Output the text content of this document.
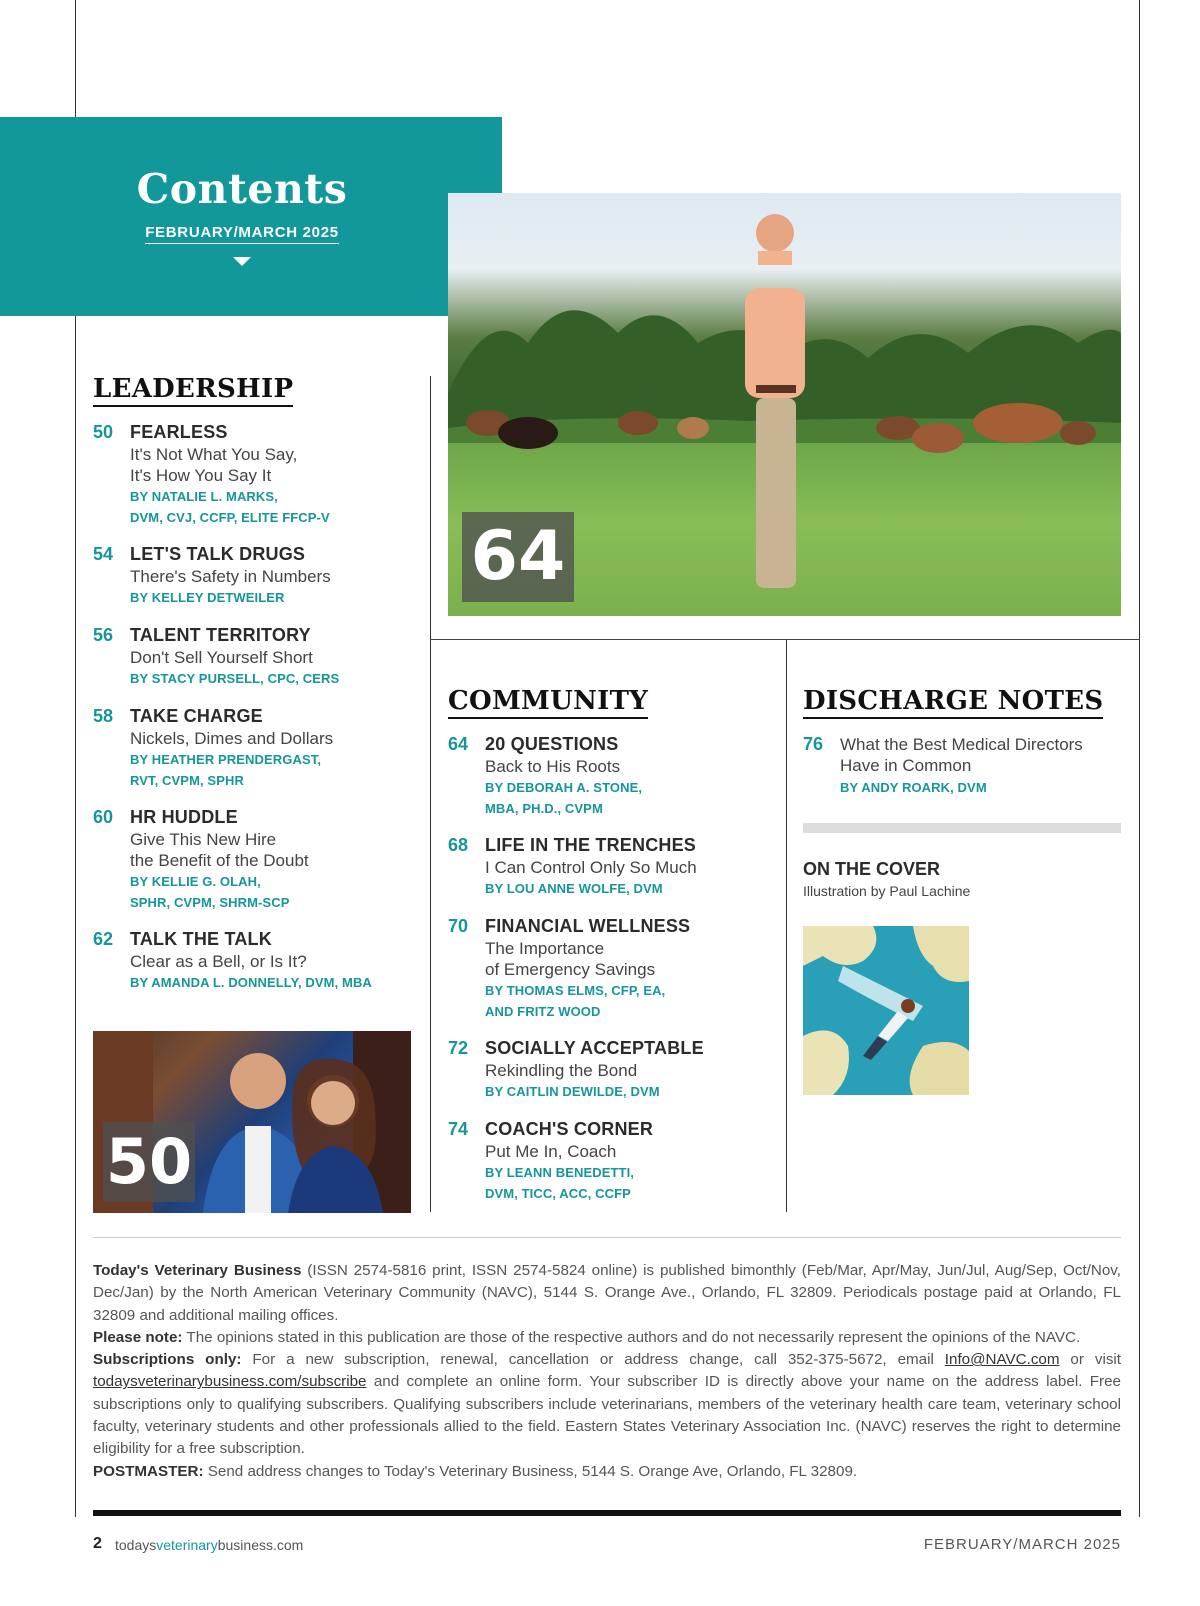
Contents
FEBRUARY/MARCH 2025
64
LEADERSHIP
50 FEARLESS
It's Not What You Say,
It's How You Say It
BY NATALIE L. MARKS,
DVM, CVJ, CCFP, ELITE FFCP-V
54 LET'S TALK DRUGS
There's Safety in Numbers
BY KELLEY DETWEILER
56 TALENT TERRITORY
Don't Sell Yourself Short
BY STACY PURSELL, CPC, CERS
58 TAKE CHARGE
Nickels, Dimes and Dollars
BY HEATHER PRENDERGAST,
RVT, CVPM, SPHR
60 HR HUDDLE
Give This New Hire
the Benefit of the Doubt
BY KELLIE G. OLAH,
SPHR, CVPM, SHRM-SCP
62 TALK THE TALK
Clear as a Bell, or Is It?
BY AMANDA L. DONNELLY, DVM, MBA
50
COMMUNITY
64 20 QUESTIONS
Back to His Roots
BY DEBORAH A. STONE,
MBA, PH.D., CVPM
68 LIFE IN THE TRENCHES
I Can Control Only So Much
BY LOU ANNE WOLFE, DVM
70 FINANCIAL WELLNESS
The Importance
of Emergency Savings
BY THOMAS ELMS, CFP, EA,
AND FRITZ WOOD
72 SOCIALLY ACCEPTABLE
Rekindling the Bond
BY CAITLIN DEWILDE, DVM
74 COACH'S CORNER
Put Me In, Coach
BY LEANN BENEDETTI,
DVM, TICC, ACC, CCFP
DISCHARGE NOTES
76 What the Best Medical Directors
Have in Common
BY ANDY ROARK, DVM
ON THE COVER
Illustration by Paul Lachine
Today's Veterinary Business (ISSN 2574-5816 print, ISSN 2574-5824 online) is published bimonthly (Feb/Mar, Apr/May, Jun/Jul, Aug/Sep, Oct/Nov, Dec/Jan) by the North American Veterinary Community (NAVC), 5144 S. Orange Ave., Orlando, FL 32809. Periodicals postage paid at Orlando, FL 32809 and additional mailing offices.
Please note: The opinions stated in this publication are those of the respective authors and do not necessarily represent the opinions of the NAVC.
Subscriptions only: For a new subscription, renewal, cancellation or address change, call 352-375-5672, email Info@NAVC.com or visit todaysveterinarybusiness.com/subscribe and complete an online form. Your subscriber ID is directly above your name on the address label. Free subscriptions only to qualifying subscribers. Qualifying subscribers include veterinarians, members of the veterinary health care team, veterinary school faculty, veterinary students and other professionals allied to the field. Eastern States Veterinary Association Inc. (NAVC) reserves the right to determine eligibility for a free subscription.
POSTMASTER: Send address changes to Today's Veterinary Business, 5144 S. Orange Ave, Orlando, FL 32809.
2 todaysveterinarybusiness.com	FEBRUARY/MARCH 2025
